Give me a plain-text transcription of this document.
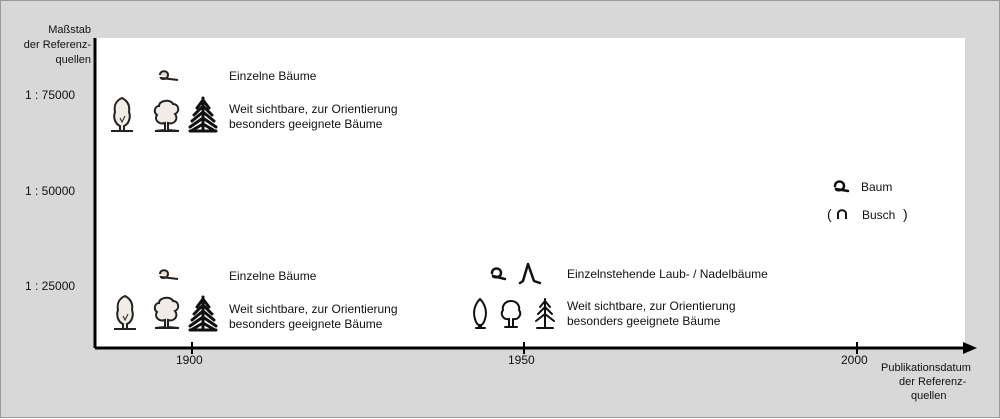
Maßstab
der Referenz-
quellen
Publikationsdatum
der Referenz-
quellen
1 : 75000
1 : 50000
1 : 25000
1900	1950	2000
Einzelne Bäume
Weit sichtbare, zur Orientierung
besonders geeignete Bäume
Einzelne Bäume
Weit sichtbare, zur Orientierung
besonders geeignete Bäume
Einzelnstehende Laub- / Nadelbäume
Weit sichtbare, zur Orientierung
besonders geeignete Bäume
Baum
(	Busch )
